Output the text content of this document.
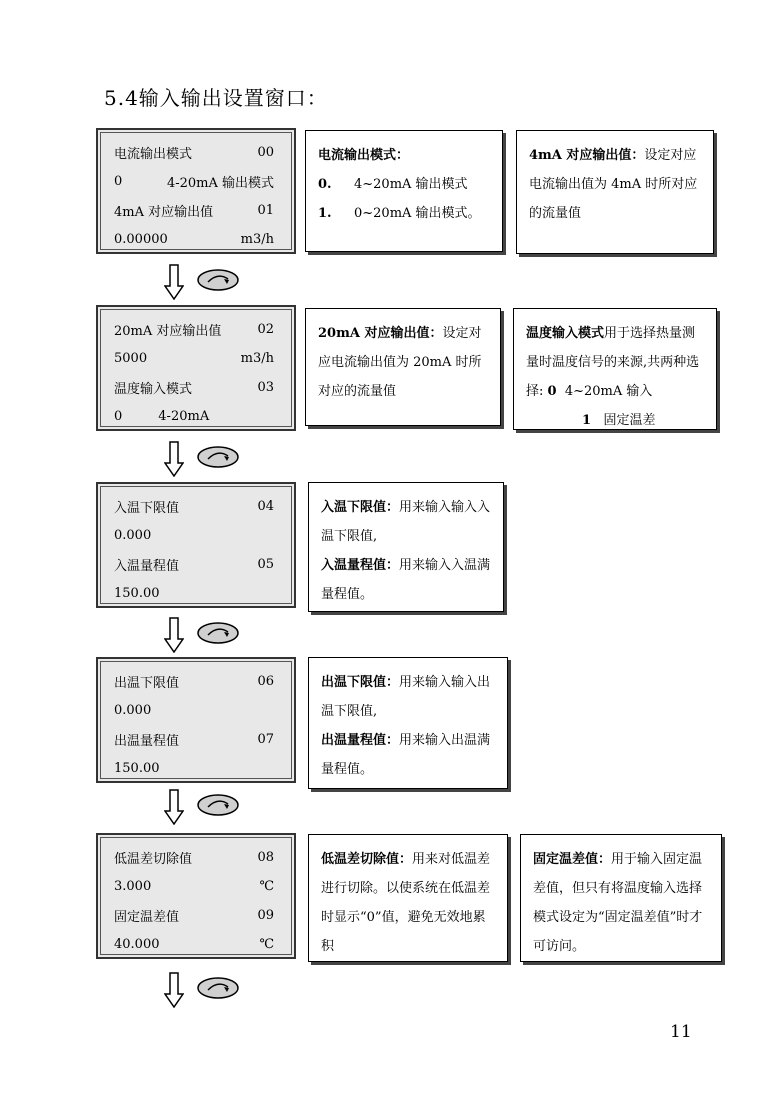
5.4输入输出设置窗口：
电流输出模式	00
0	4-20mA 输出模式
4mA 对应输出值	01
0.00000	m3/h

电流输出模式：

0.	4~20mA 输出模式
1.	0~20mA 输出模式。

4mA 对应输出值：设定对应电流输出值为 4mA 时所对应的流量值

20mA 对应输出值	02
5000	m3/h
温度输入模式	03
0	4-20mA

20mA 对应输出值：设定对应电流输出值为 20mA 时所对应的流量值

温度输入模式用于选择热量测量时温度信号的来源,共两种选择: 0 4~20mA 输入

1 固定温差

入温下限值	04
0.000
入温量程值	05
150.00

入温下限值：用来输入输入入温下限值,

入温量程值：用来输入入温满量程值。

出温下限值	06
0.000
出温量程值	07
150.00

出温下限值：用来输入输入出温下限值,

出温量程值：用来输入出温满量程值。

低温差切除值	08
3.000	℃
固定温差值	09
40.000	℃

低温差切除值：用来对低温差进行切除。以使系统在低温差时显示“0”值，避免无效地累积

固定温差值：用于输入固定温差值，但只有将温度输入选择模式设定为“固定温差值”时才可访问。

11
